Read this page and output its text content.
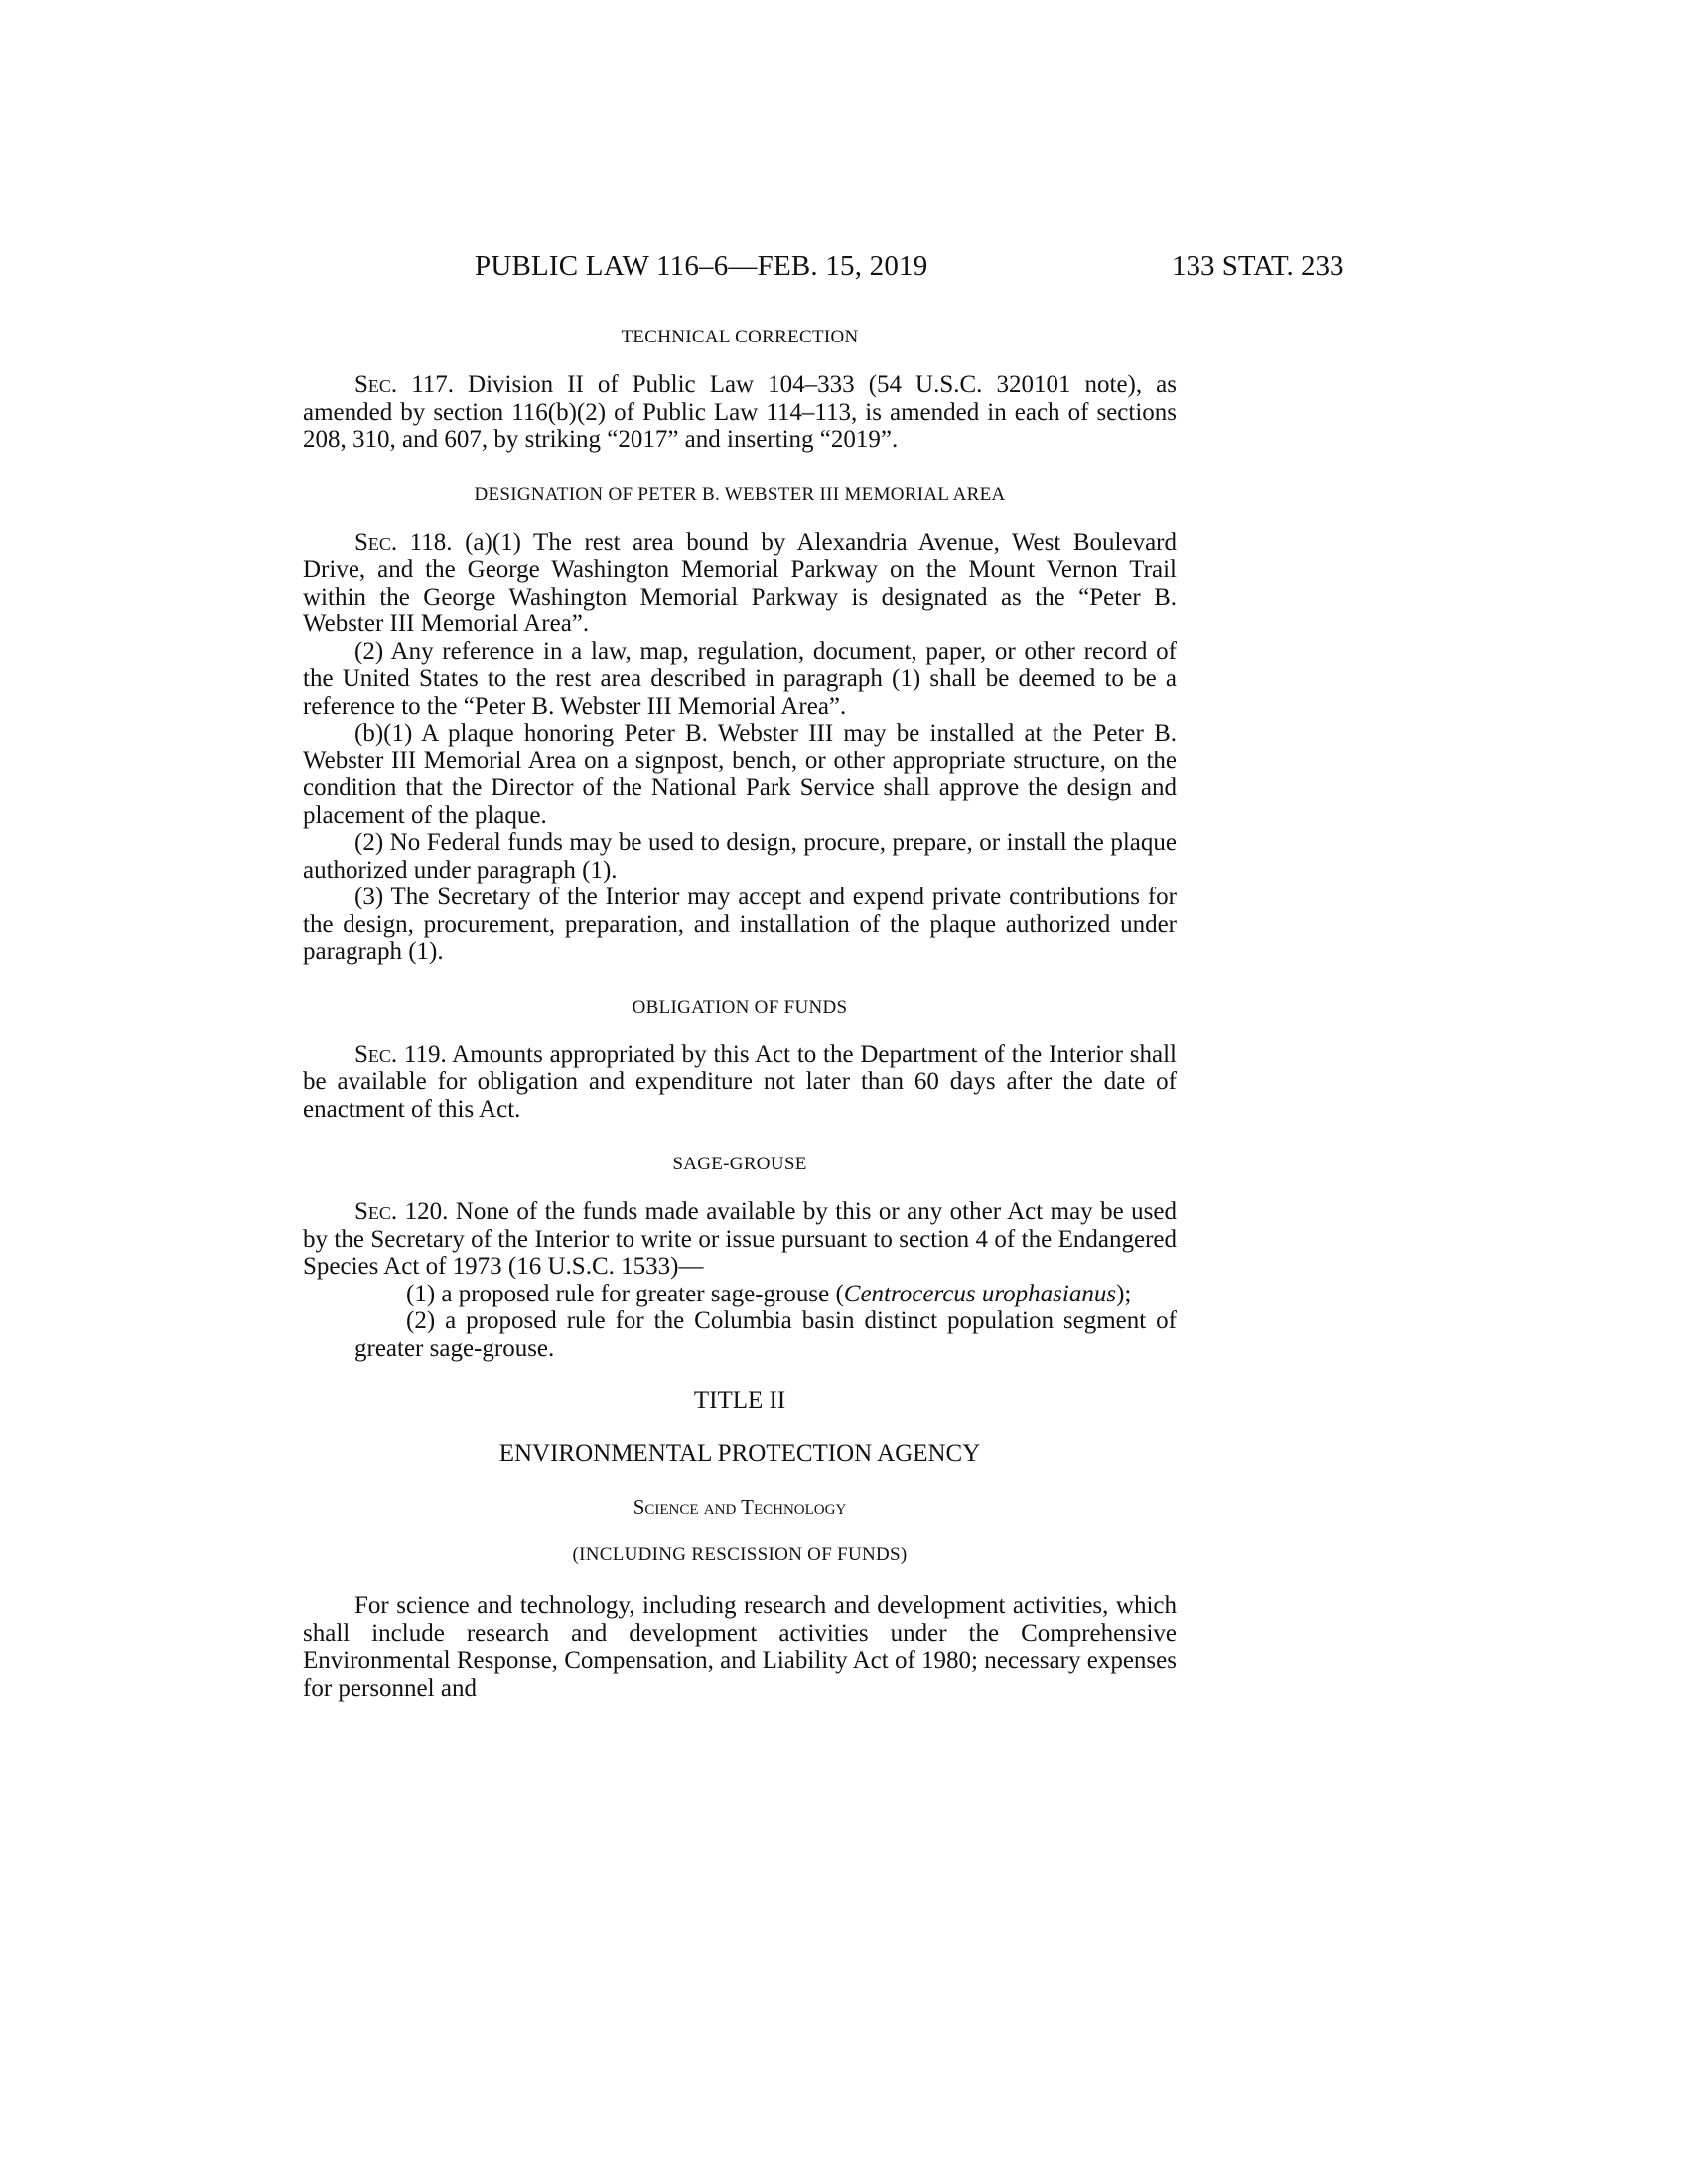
PUBLIC LAW 116–6—FEB. 15, 2019	133 STAT. 233

TECHNICAL CORRECTION

Sec. 117. Division II of Public Law 104–333 (54 U.S.C. 320101 note), as amended by section 116(b)(2) of Public Law 114–113, is amended in each of sections 208, 310, and 607, by striking “2017” and inserting “2019”.

DESIGNATION OF PETER B. WEBSTER III MEMORIAL AREA

Sec. 118. (a)(1) The rest area bound by Alexandria Avenue, West Boulevard Drive, and the George Washington Memorial Parkway on the Mount Vernon Trail within the George Washington Memorial Parkway is designated as the “Peter B. Webster III Memorial Area”.

(2) Any reference in a law, map, regulation, document, paper, or other record of the United States to the rest area described in paragraph (1) shall be deemed to be a reference to the “Peter B. Webster III Memorial Area”.

(b)(1) A plaque honoring Peter B. Webster III may be installed at the Peter B. Webster III Memorial Area on a signpost, bench, or other appropriate structure, on the condition that the Director of the National Park Service shall approve the design and placement of the plaque.

(2) No Federal funds may be used to design, procure, prepare, or install the plaque authorized under paragraph (1).

(3) The Secretary of the Interior may accept and expend private contributions for the design, procurement, preparation, and installation of the plaque authorized under paragraph (1).

OBLIGATION OF FUNDS

Sec. 119. Amounts appropriated by this Act to the Department of the Interior shall be available for obligation and expenditure not later than 60 days after the date of enactment of this Act.

SAGE-GROUSE

Sec. 120. None of the funds made available by this or any other Act may be used by the Secretary of the Interior to write or issue pursuant to section 4 of the Endangered Species Act of 1973 (16 U.S.C. 1533)—

(1) a proposed rule for greater sage-grouse (Centrocercus urophasianus);

(2) a proposed rule for the Columbia basin distinct population segment of greater sage-grouse.

TITLE II

ENVIRONMENTAL PROTECTION AGENCY

Science and Technology

(INCLUDING RESCISSION OF FUNDS)

For science and technology, including research and development activities, which shall include research and development activities under the Comprehensive Environmental Response, Compensation, and Liability Act of 1980; necessary expenses for personnel and
